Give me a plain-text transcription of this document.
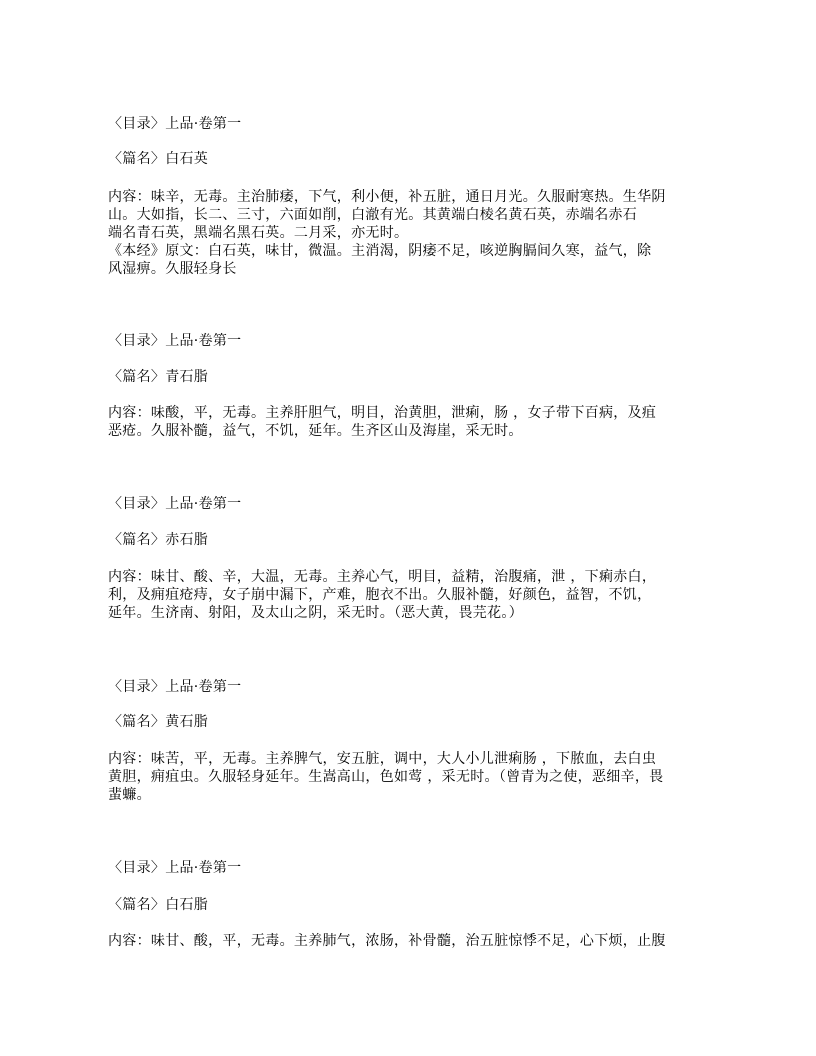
〈目录〉上品·卷第一
〈篇名〉白石英
内容：味辛，无毒。主治肺痿，下气，利小便，补五脏，通日月光。久服耐寒热。生华阴
山。大如指，长二、三寸，六面如削，白澈有光。其黄端白棱名黄石英，赤端名赤石
端名青石英，黑端名黑石英。二月采，亦无时。
《本经》原文：白石英，味甘，微温。主消渴，阴痿不足，咳逆胸膈间久寒，益气，除
风湿痹。久服轻身长
〈目录〉上品·卷第一
〈篇名〉青石脂
内容：味酸，平，无毒。主养肝胆气，明目，治黄胆，泄痢，肠 ，女子带下百病，及疽
恶疮。久服补髓，益气，不饥，延年。生齐区山及海崖，采无时。
〈目录〉上品·卷第一
〈篇名〉赤石脂
内容：味甘、酸、辛，大温，无毒。主养心气，明目，益精，治腹痛，泄 ，下痢赤白，
利，及痈疽疮痔，女子崩中漏下，产难，胞衣不出。久服补髓，好颜色，益智，不饥，
延年。生济南、射阳，及太山之阴，采无时。（恶大黄，畏芫花。）
〈目录〉上品·卷第一
〈篇名〉黄石脂
内容：味苦，平，无毒。主养脾气，安五脏，调中，大人小儿泄痢肠 ，下脓血，去白虫
黄胆，痈疽虫。久服轻身延年。生嵩高山，色如莺 ，采无时。（曾青为之使，恶细辛，畏
蜚蠊。
〈目录〉上品·卷第一
〈篇名〉白石脂
内容：味甘、酸，平，无毒。主养肺气，浓肠，补骨髓，治五脏惊悸不足，心下烦，止腹
